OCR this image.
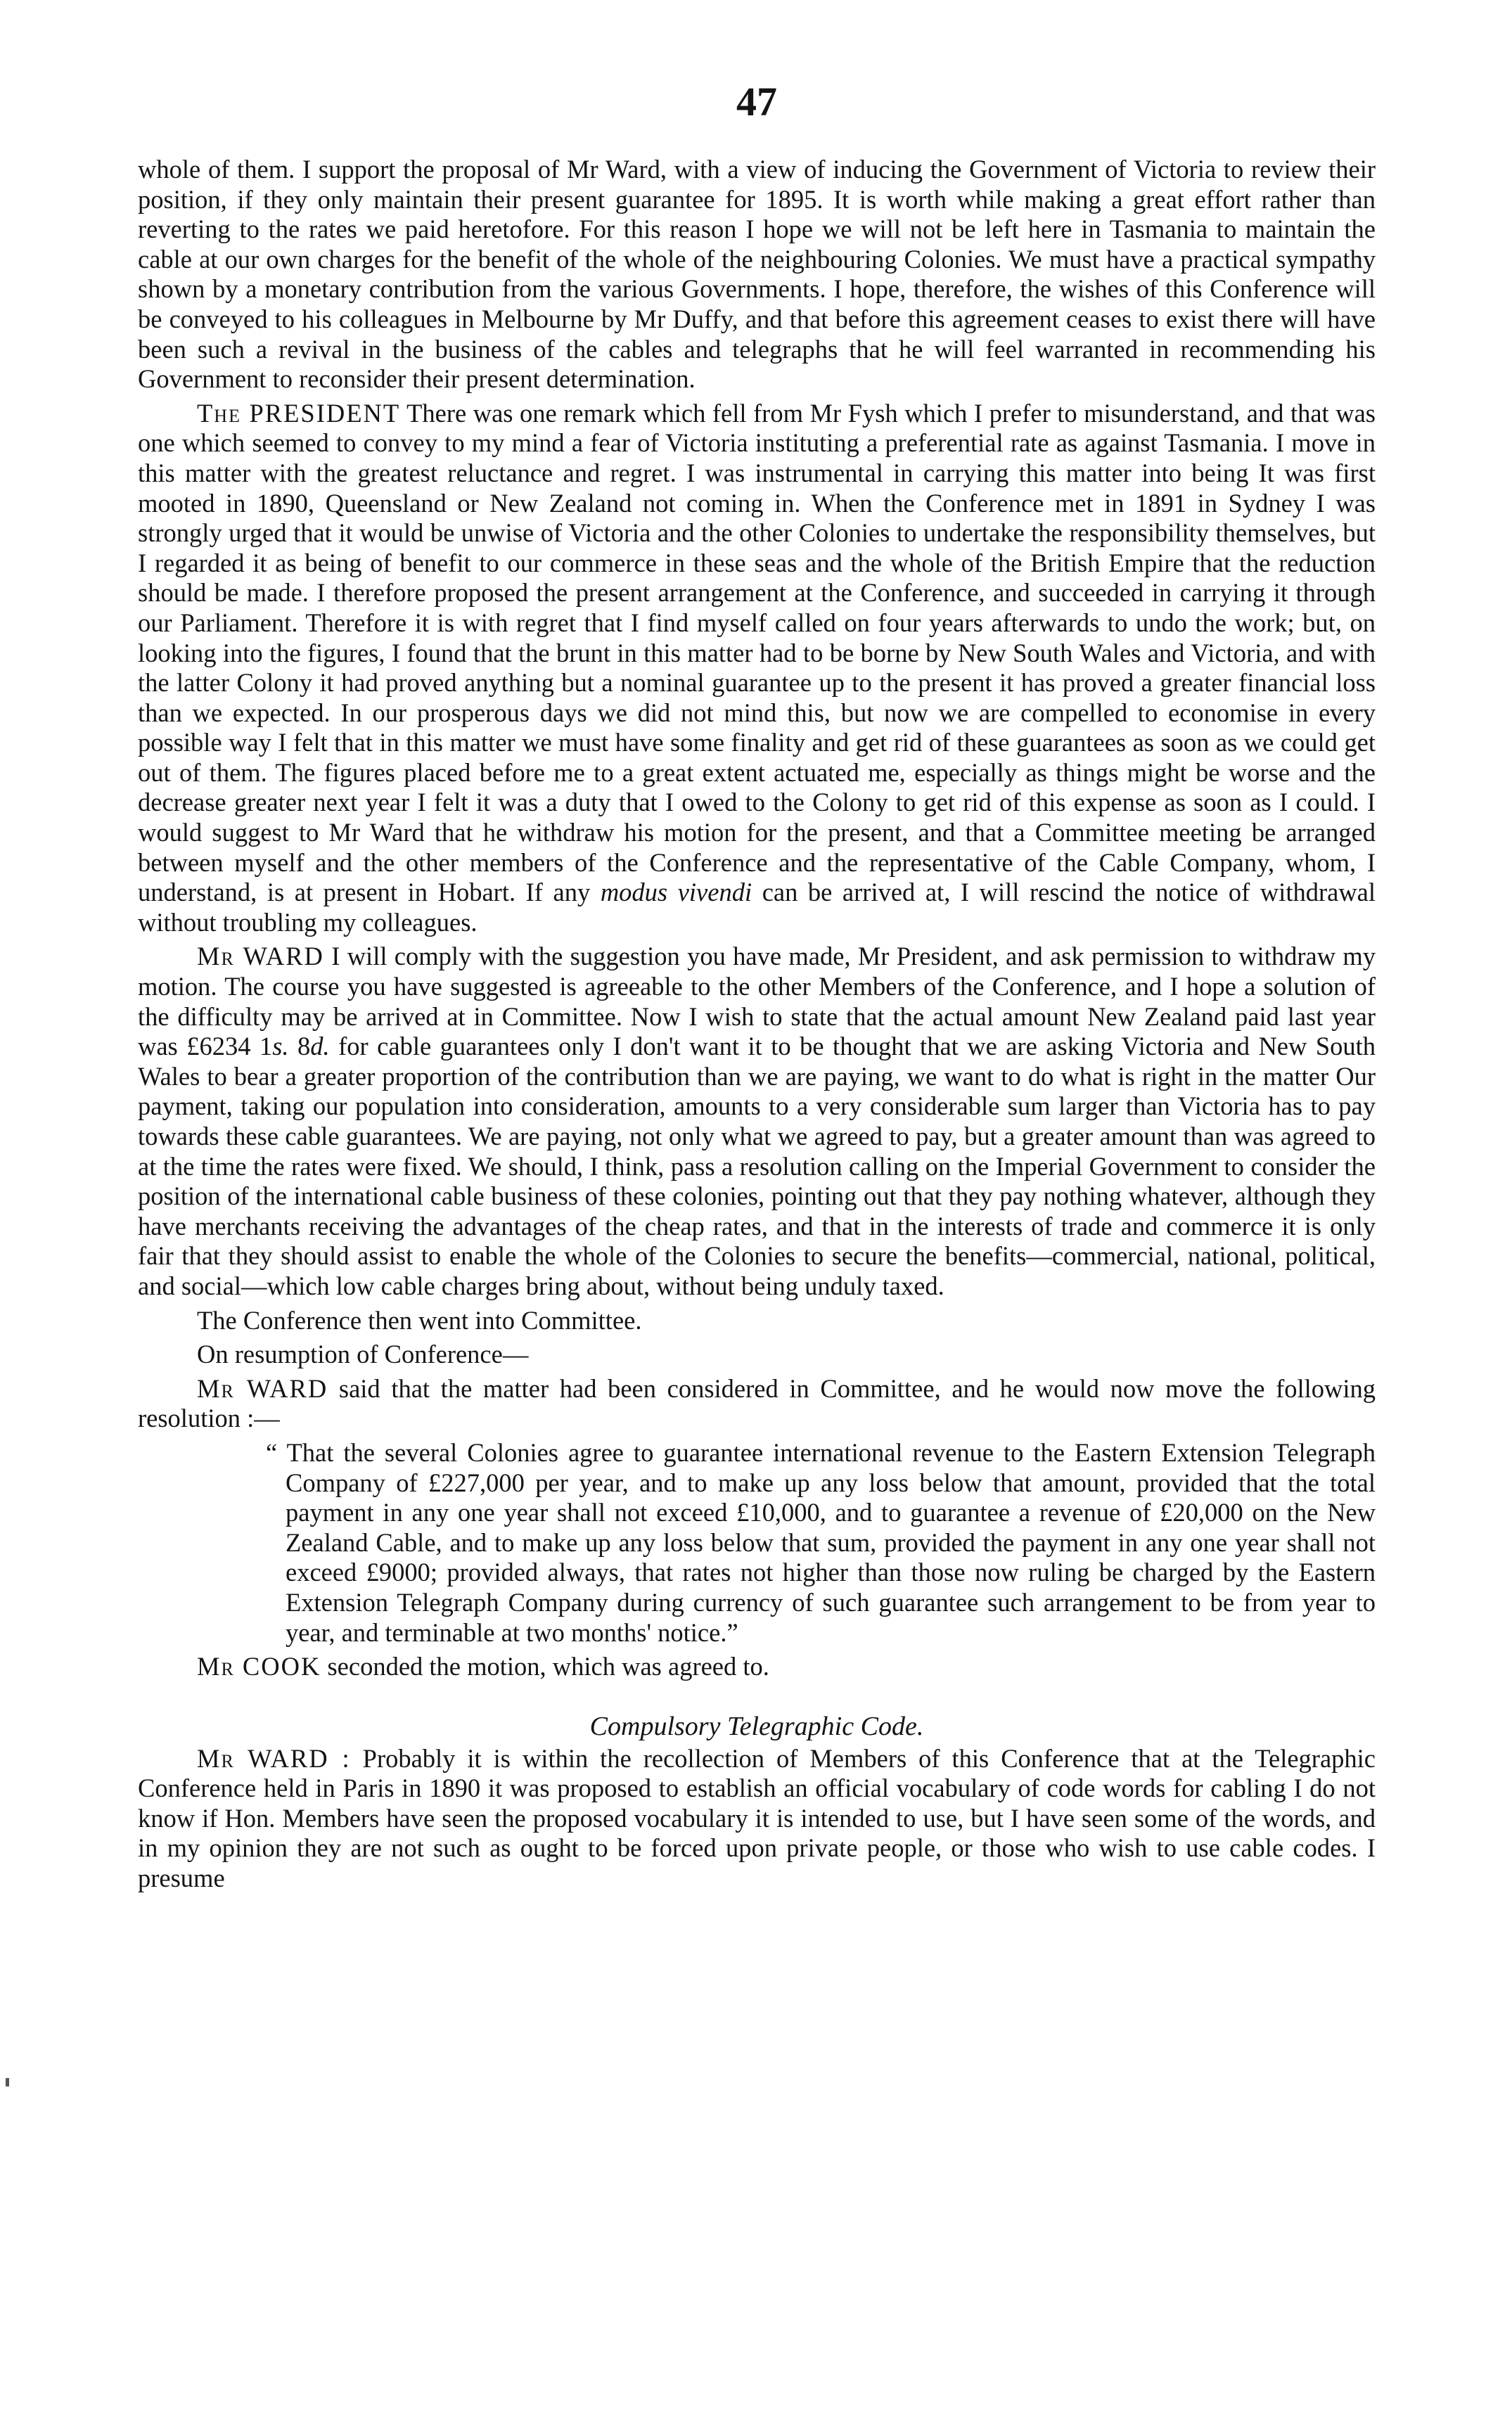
47

whole of them. I support the proposal of Mr Ward, with a view of inducing the Government of Victoria to review their position, if they only maintain their present guarantee for 1895. It is worth while making a great effort rather than reverting to the rates we paid heretofore. For this reason I hope we will not be left here in Tasmania to maintain the cable at our own charges for the benefit of the whole of the neighbouring Colonies. We must have a practical sympathy shown by a monetary contribution from the various Governments. I hope, therefore, the wishes of this Conference will be conveyed to his colleagues in Melbourne by Mr Duffy, and that before this agreement ceases to exist there will have been such a revival in the business of the cables and telegraphs that he will feel warranted in recommending his Government to reconsider their present determination.

The PRESIDENT There was one remark which fell from Mr Fysh which I prefer to misunderstand, and that was one which seemed to convey to my mind a fear of Victoria instituting a preferential rate as against Tasmania. I move in this matter with the greatest reluctance and regret. I was instrumental in carrying this matter into being It was first mooted in 1890, Queensland or New Zealand not coming in. When the Conference met in 1891 in Sydney I was strongly urged that it would be unwise of Victoria and the other Colonies to undertake the responsibility themselves, but I regarded it as being of benefit to our commerce in these seas and the whole of the British Empire that the reduction should be made. I therefore proposed the present arrangement at the Conference, and succeeded in carrying it through our Parliament. Therefore it is with regret that I find myself called on four years afterwards to undo the work; but, on looking into the figures, I found that the brunt in this matter had to be borne by New South Wales and Victoria, and with the latter Colony it had proved anything but a nominal guarantee up to the present it has proved a greater financial loss than we expected. In our prosperous days we did not mind this, but now we are compelled to economise in every possible way I felt that in this matter we must have some finality and get rid of these guarantees as soon as we could get out of them. The figures placed before me to a great extent actuated me, especially as things might be worse and the decrease greater next year I felt it was a duty that I owed to the Colony to get rid of this expense as soon as I could. I would suggest to Mr Ward that he withdraw his motion for the present, and that a Committee meeting be arranged between myself and the other members of the Conference and the representative of the Cable Company, whom, I understand, is at present in Hobart. If any modus vivendi can be arrived at, I will rescind the notice of withdrawal without troubling my colleagues.

Mr WARD I will comply with the suggestion you have made, Mr President, and ask permission to withdraw my motion. The course you have suggested is agreeable to the other Members of the Conference, and I hope a solution of the difficulty may be arrived at in Committee. Now I wish to state that the actual amount New Zealand paid last year was £6234 1s. 8d. for cable guarantees only I don't want it to be thought that we are asking Victoria and New South Wales to bear a greater proportion of the contribution than we are paying, we want to do what is right in the matter Our payment, taking our population into consideration, amounts to a very considerable sum larger than Victoria has to pay towards these cable guarantees. We are paying, not only what we agreed to pay, but a greater amount than was agreed to at the time the rates were fixed. We should, I think, pass a resolution calling on the Imperial Government to consider the position of the international cable business of these colonies, pointing out that they pay nothing whatever, although they have merchants receiving the advantages of the cheap rates, and that in the interests of trade and commerce it is only fair that they should assist to enable the whole of the Colonies to secure the benefits—commercial, national, political, and social—which low cable charges bring about, without being unduly taxed.

The Conference then went into Committee.

On resumption of Conference—

Mr WARD said that the matter had been considered in Committee, and he would now move the following resolution :—

“ That the several Colonies agree to guarantee international revenue to the Eastern Extension Telegraph Company of £227,000 per year, and to make up any loss below that amount, provided that the total payment in any one year shall not exceed £10,000, and to guarantee a revenue of £20,000 on the New Zealand Cable, and to make up any loss below that sum, provided the payment in any one year shall not exceed £9000; provided always, that rates not higher than those now ruling be charged by the Eastern Extension Telegraph Company during currency of such guarantee such arrangement to be from year to year, and terminable at two months' notice.”

Mr COOK seconded the motion, which was agreed to.

Compulsory Telegraphic Code.

Mr WARD : Probably it is within the recollection of Members of this Conference that at the Telegraphic Conference held in Paris in 1890 it was proposed to establish an official vocabulary of code words for cabling I do not know if Hon. Members have seen the proposed vocabulary it is intended to use, but I have seen some of the words, and in my opinion they are not such as ought to be forced upon private people, or those who wish to use cable codes. I presume
